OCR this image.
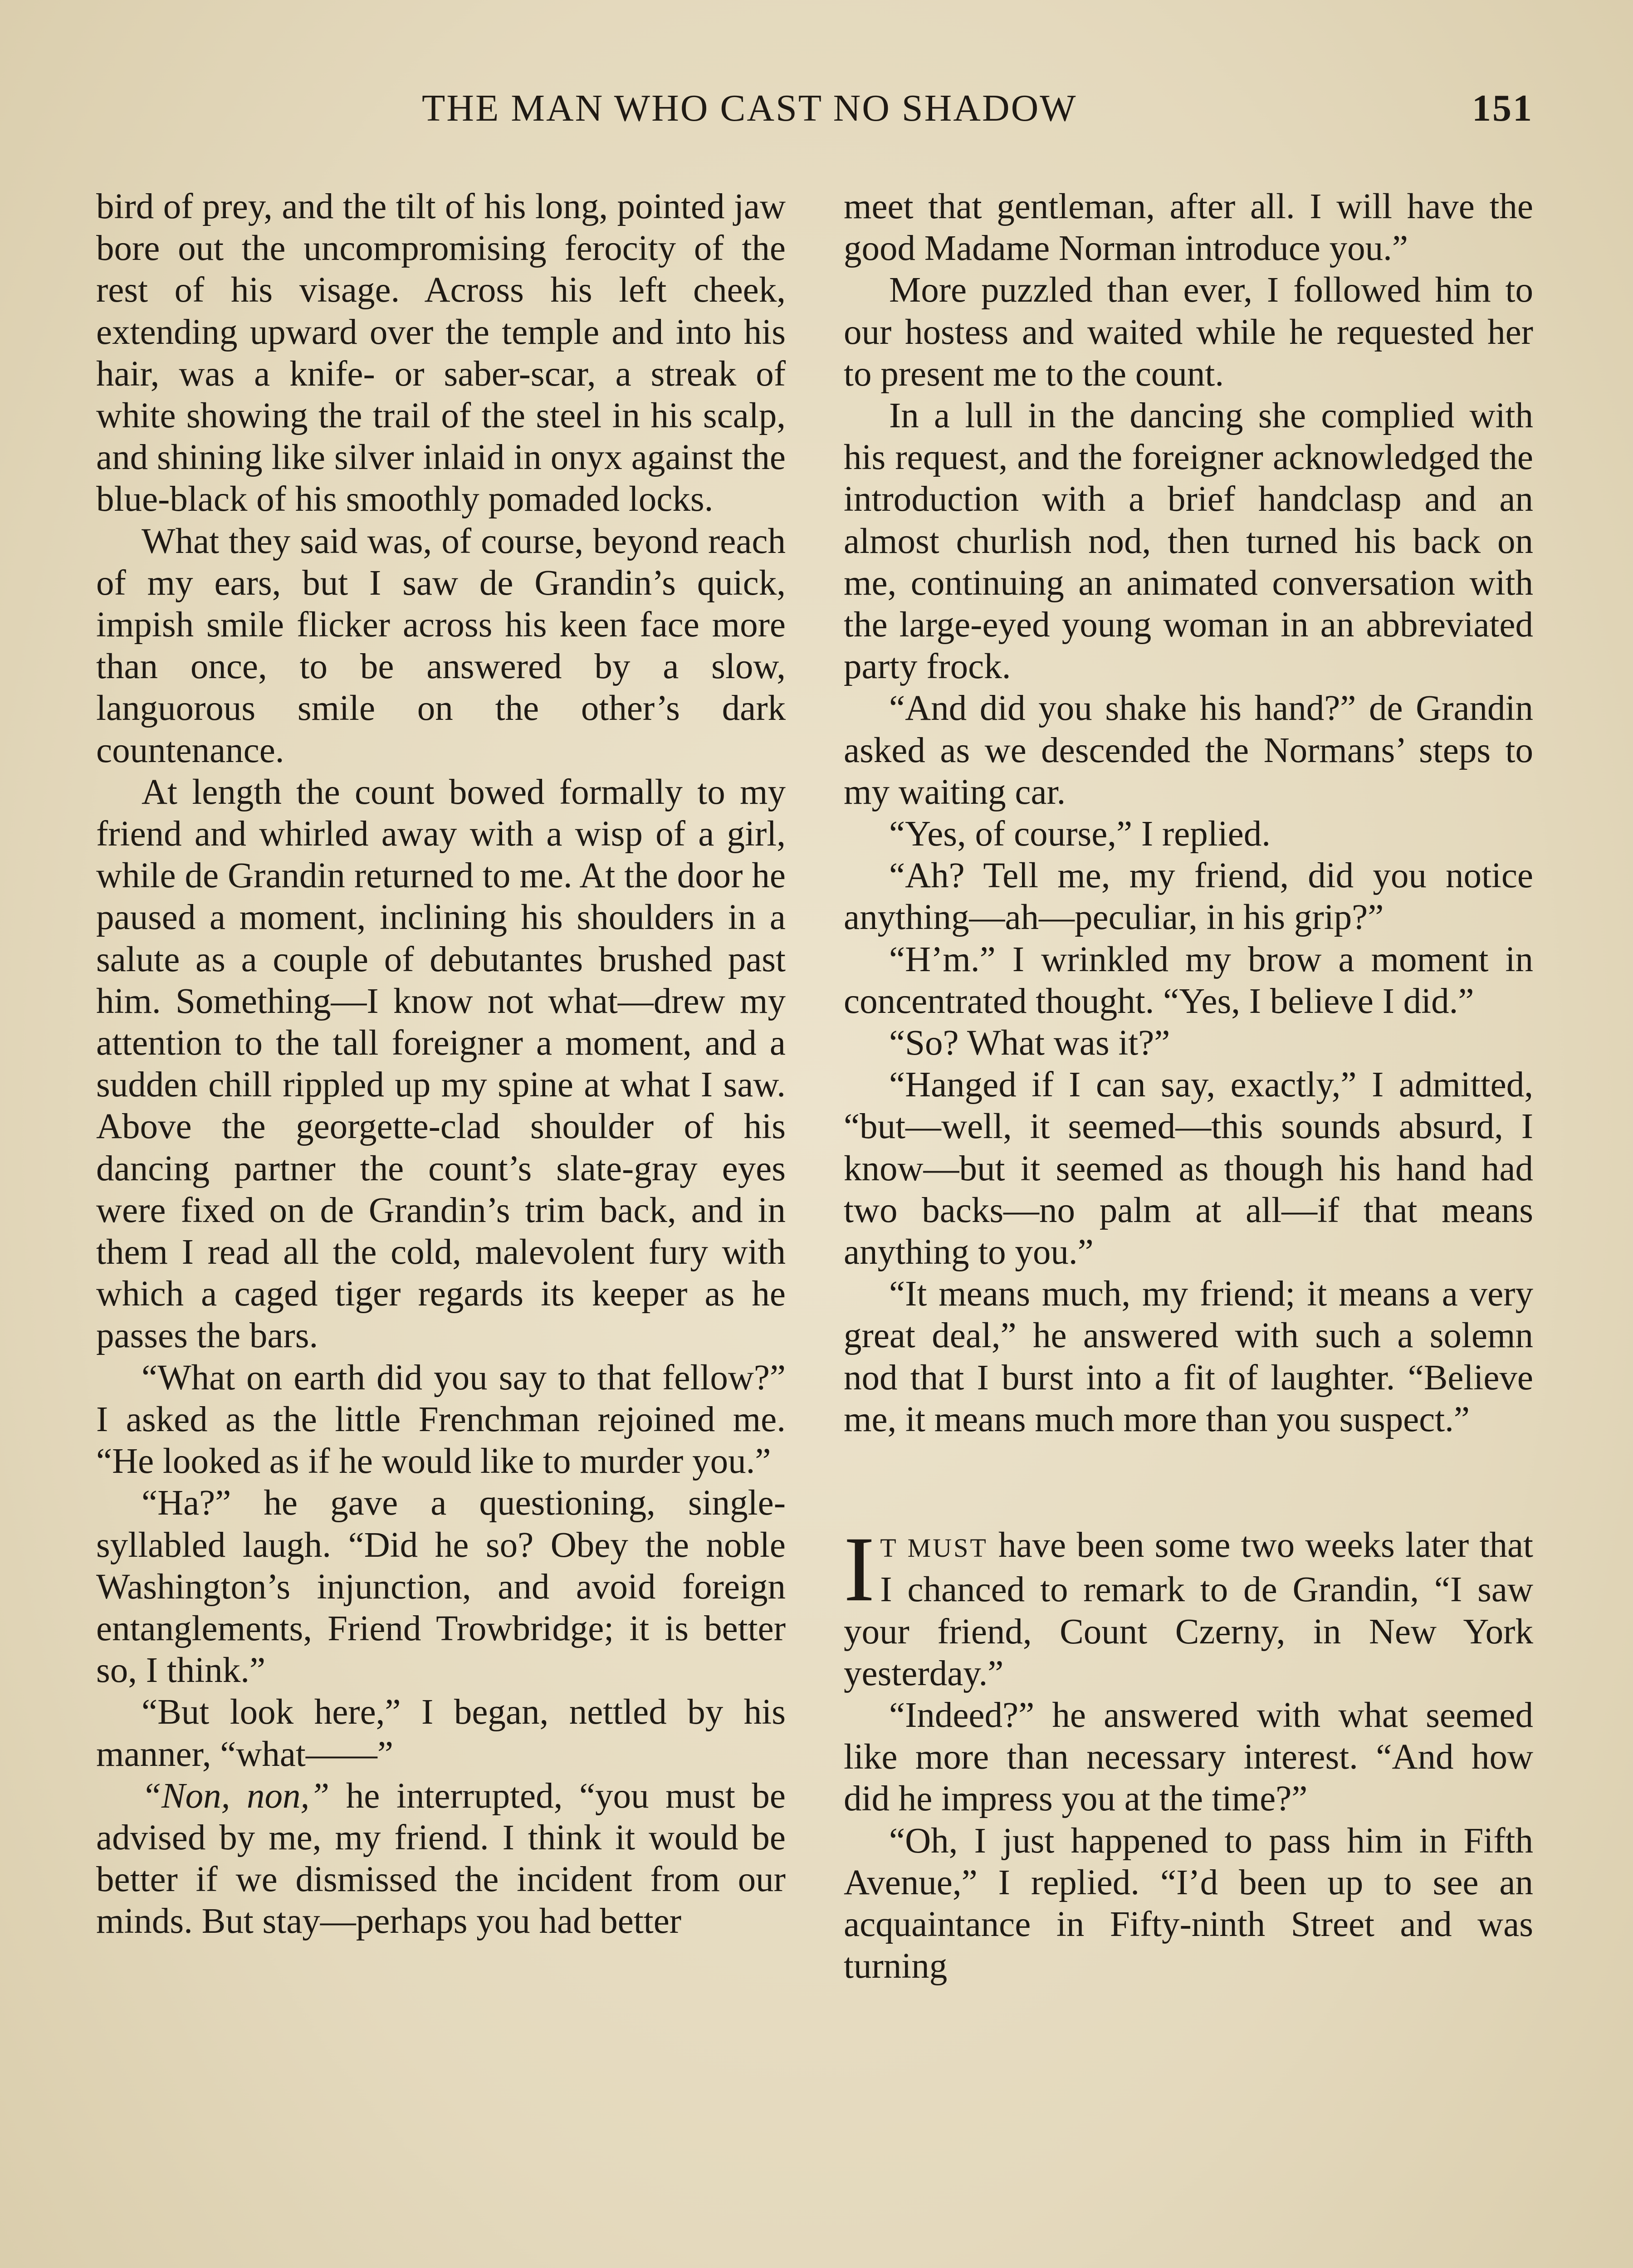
THE MAN WHO CAST NO SHADOW	151

bird of prey, and the tilt of his long, pointed jaw bore out the uncompromising ferocity of the rest of his visage. Across his left cheek, extending upward over the temple and into his hair, was a knife- or saber-scar, a streak of white showing the trail of the steel in his scalp, and shining like silver inlaid in onyx against the blue-black of his smoothly pomaded locks.

What they said was, of course, beyond reach of my ears, but I saw de Grandin’s quick, impish smile flicker across his keen face more than once, to be answered by a slow, languorous smile on the other’s dark countenance.

At length the count bowed formally to my friend and whirled away with a wisp of a girl, while de Grandin returned to me. At the door he paused a moment, inclining his shoulders in a salute as a couple of debutantes brushed past him. Something—I know not what—drew my attention to the tall foreigner a moment, and a sudden chill rippled up my spine at what I saw. Above the georgette-clad shoulder of his dancing partner the count’s slate-gray eyes were fixed on de Grandin’s trim back, and in them I read all the cold, malevolent fury with which a caged tiger regards its keeper as he passes the bars.

“What on earth did you say to that fellow?” I asked as the little Frenchman rejoined me. “He looked as if he would like to murder you.”

“Ha?” he gave a questioning, single-syllabled laugh. “Did he so? Obey the noble Washington’s injunction, and avoid foreign entanglements, Friend Trowbridge; it is better so, I think.”

“But look here,” I began, nettled by his manner, “what——”

“Non, non,” he interrupted, “you must be advised by me, my friend. I think it would be better if we dismissed the incident from our minds. But stay—perhaps you had better

meet that gentleman, after all. I will have the good Madame Norman introduce you.”

More puzzled than ever, I followed him to our hostess and waited while he requested her to present me to the count.

In a lull in the dancing she complied with his request, and the foreigner acknowledged the introduction with a brief handclasp and an almost churlish nod, then turned his back on me, continuing an animated conversation with the large-eyed young woman in an abbreviated party frock.

“And did you shake his hand?” de Grandin asked as we descended the Normans’ steps to my waiting car.

“Yes, of course,” I replied.

“Ah? Tell me, my friend, did you notice anything—ah—peculiar, in his grip?”

“H’m.” I wrinkled my brow a moment in concentrated thought. “Yes, I believe I did.”

“So? What was it?”

“Hanged if I can say, exactly,” I admitted, “but—well, it seemed—this sounds absurd, I know—but it seemed as though his hand had two backs—no palm at all—if that means anything to you.”

“It means much, my friend; it means a very great deal,” he answered with such a solemn nod that I burst into a fit of laughter. “Believe me, it means much more than you suspect.”

I T MUST have been some two weeks later that I chanced to remark to de Grandin, “I saw your friend, Count Czerny, in New York yesterday.”

“Indeed?” he answered with what seemed like more than necessary interest. “And how did he impress you at the time?”

“Oh, I just happened to pass him in Fifth Avenue,” I replied. “I’d been up to see an acquaintance in Fifty-ninth Street and was turning
